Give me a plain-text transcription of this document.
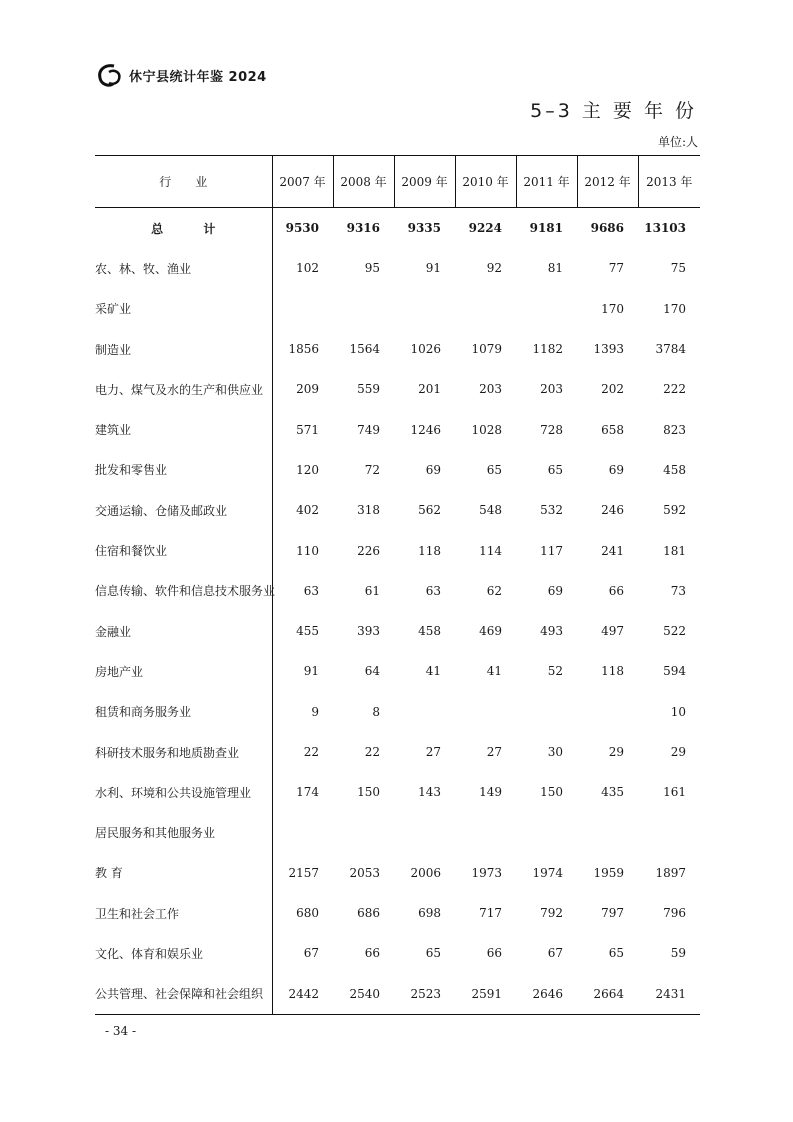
休宁县统计年鉴 2024
5–3 主 要 年 份
单位:人
行　　业	2007 年	2008 年	2009 年	2010 年	2011 年	2012 年	2013 年
总 计	9530	9316	9335	9224	9181	9686	13103
农、林、牧、渔业	102	95	91	92	81	77	75
采矿业						170	170
制造业	1856	1564	1026	1079	1182	1393	3784
电力、煤气及水的生产和供应业	209	559	201	203	203	202	222
建筑业	571	749	1246	1028	728	658	823
批发和零售业	120	72	69	65	65	69	458
交通运输、仓储及邮政业	402	318	562	548	532	246	592
住宿和餐饮业	110	226	118	114	117	241	181
信息传输、软件和信息技术服务业	63	61	63	62	69	66	73
金融业	455	393	458	469	493	497	522
房地产业	91	64	41	41	52	118	594
租赁和商务服务业	9	8					10
科研技术服务和地质勘查业	22	22	27	27	30	29	29
水利、环境和公共设施管理业	174	150	143	149	150	435	161
居民服务和其他服务业							
教 育	2157	2053	2006	1973	1974	1959	1897
卫生和社会工作	680	686	698	717	792	797	796
文化、体育和娱乐业	67	66	65	66	67	65	59
公共管理、社会保障和社会组织	2442	2540	2523	2591	2646	2664	2431
- 34 -
